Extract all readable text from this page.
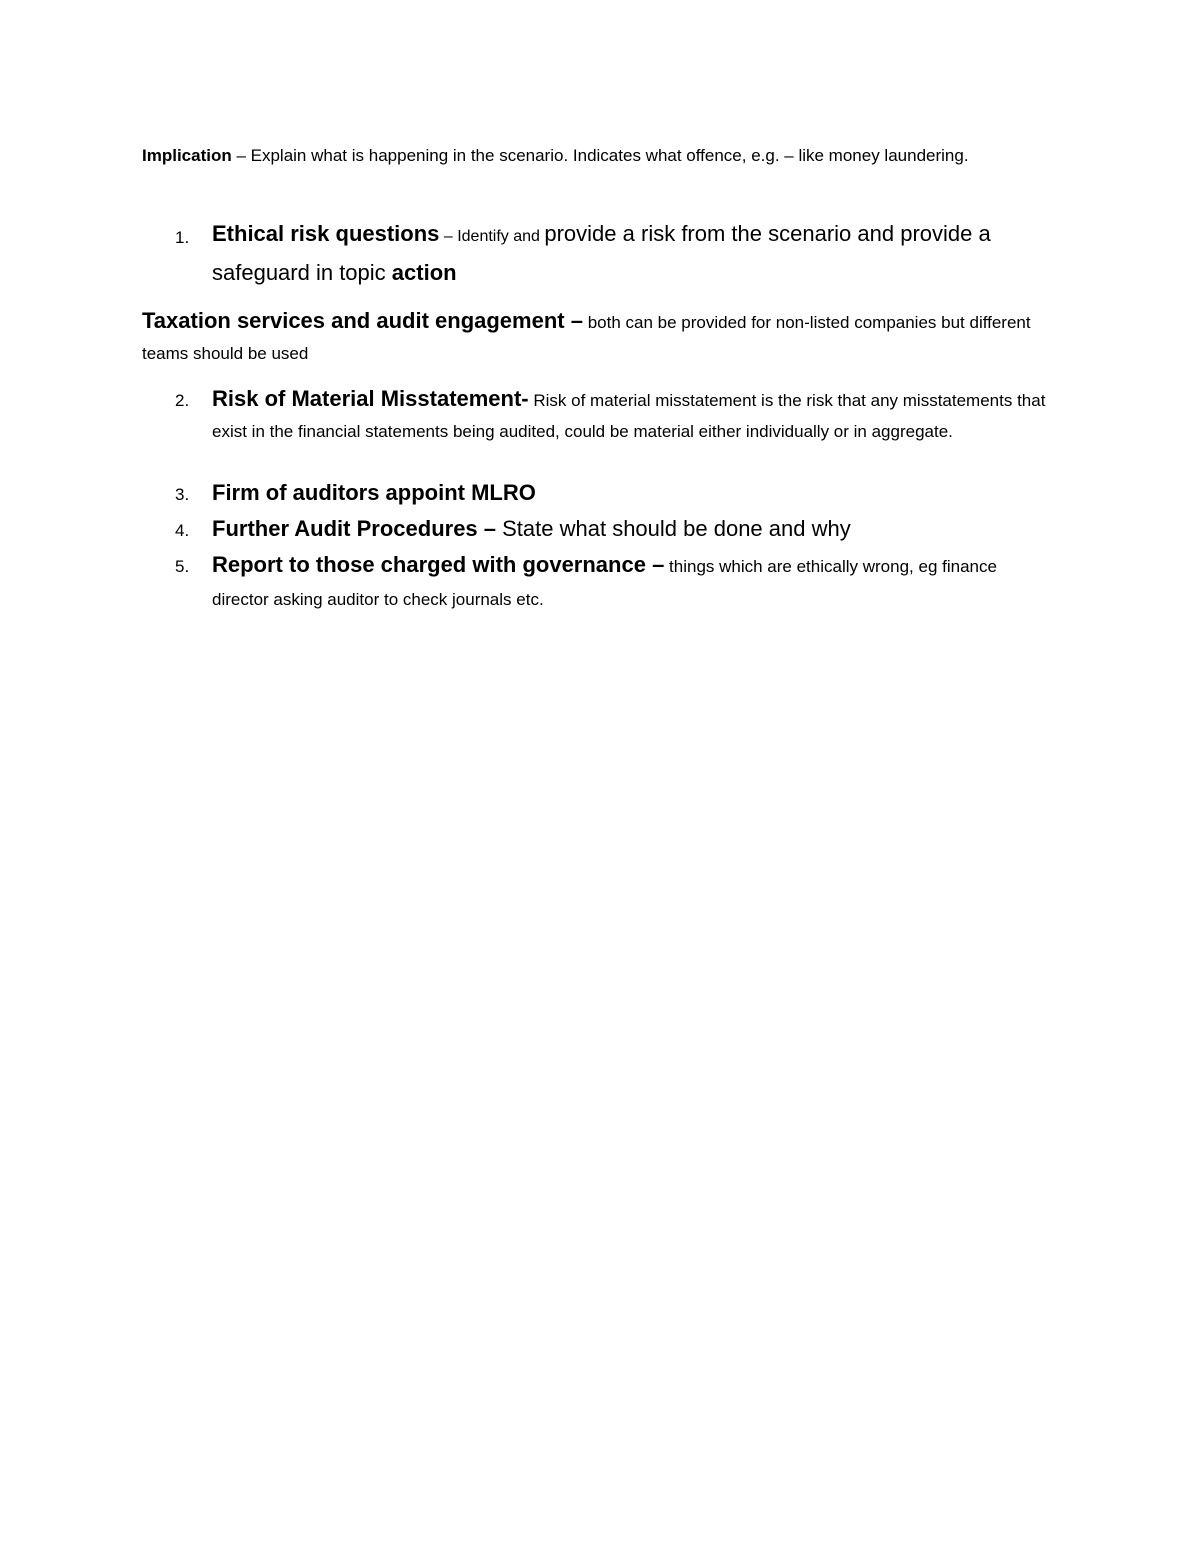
Implication – Explain what is happening in the scenario. Indicates what offence, e.g. – like money laundering.

1.	Ethical risk questions – Identify and provide a risk from the scenario and provide a safeguard in topic action

Taxation services and audit engagement – both can be provided for non-listed companies but different teams should be used

2.	Risk of Material Misstatement- Risk of material misstatement is the risk that any misstatements that exist in the financial statements being audited, could be material either individually or in aggregate.
3.	Firm of auditors appoint MLRO
4.	Further Audit Procedures – State what should be done and why
5.	Report to those charged with governance – things which are ethically wrong, eg finance director asking auditor to check journals etc.
